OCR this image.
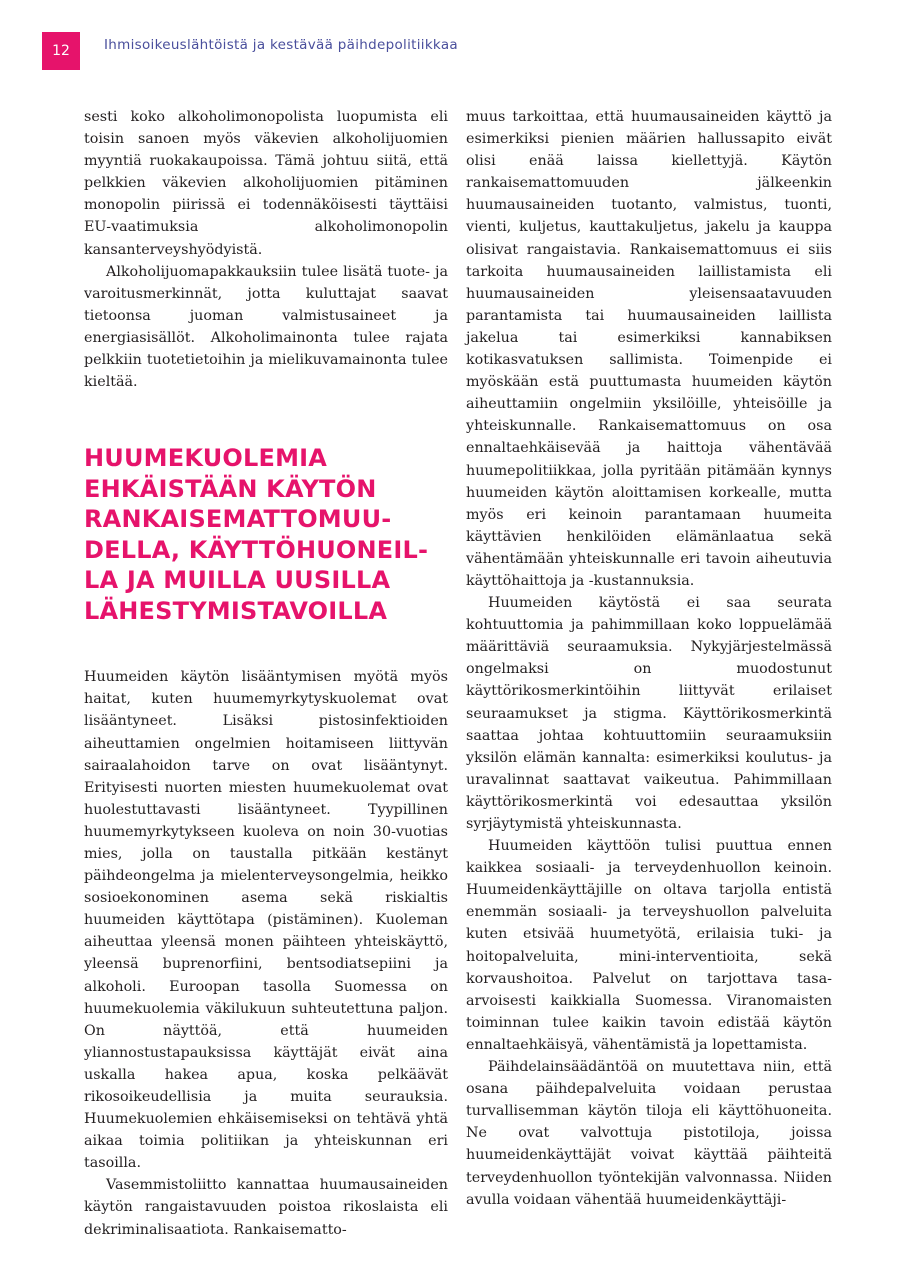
12	Ihmisoikeuslähtöistä ja kestävää päihdepolitiikkaa

sesti koko alkoholimonopolista luopumista eli toisin sanoen myös väkevien alkoholijuomien myyntiä ruokakaupoissa. Tämä johtuu siitä, että pelkkien väkevien alkoholijuomien pitäminen monopolin piirissä ei todennäköisesti täyttäisi EU-vaatimuksia alkoholimonopolin kansanterveyshyödyistä.

Alkoholijuomapakkauksiin tulee lisätä tuote- ja varoitusmerkinnät, jotta kuluttajat saavat tietoonsa juoman valmistusaineet ja energiasisällöt. Alkoholimainonta tulee rajata pelkkiin tuotetietoihin ja mielikuvamainonta tulee kieltää.

HUUMEKUOLEMIA
EHKÄISTÄÄN KÄYTÖN
RANKAISEMATTOMUU-
DELLA, KÄYTTÖHUONEIL-
LA JA MUILLA UUSILLA
LÄHESTYMISTAVOILLA

Huumeiden käytön lisääntymisen myötä myös haitat, kuten huumemyrkytyskuolemat ovat lisääntyneet. Lisäksi pistosinfektioiden aiheuttamien ongelmien hoitamiseen liittyvän sairaalahoidon tarve on ovat lisääntynyt. Erityisesti nuorten miesten huumekuolemat ovat huolestuttavasti lisääntyneet. Tyypillinen huumemyrkytykseen kuoleva on noin 30-vuotias mies, jolla on taustalla pitkään kestänyt päihdeongelma ja mielenterveysongelmia, heikko sosioekonominen asema sekä riskialtis huumeiden käyttötapa (pistäminen). Kuoleman aiheuttaa yleensä monen päihteen yhteiskäyttö, yleensä buprenorfiini, bentsodiatsepiini ja alkoholi. Euroopan tasolla Suomessa on huumekuolemia väkilukuun suhteutettuna paljon. On näyttöä, että huumeiden yliannostustapauksissa käyttäjät eivät aina uskalla hakea apua, koska pelkäävät rikosoikeudellisia ja muita seurauksia. Huumekuolemien ehkäisemiseksi on tehtävä yhtä aikaa toimia politiikan ja yhteiskunnan eri tasoilla.

Vasemmistoliitto kannattaa huumausaineiden käytön rangaistavuuden poistoa rikoslaista eli dekriminalisaatiota. Rankaisematto-

muus tarkoittaa, että huumausaineiden käyttö ja esimerkiksi pienien määrien hallussapito eivät olisi enää laissa kiellettyjä. Käytön rankaisemattomuuden jälkeenkin huumausaineiden tuotanto, valmistus, tuonti, vienti, kuljetus, kauttakuljetus, jakelu ja kauppa olisivat rangaistavia. Rankaisemattomuus ei siis tarkoita huumausaineiden laillistamista eli huumausaineiden yleisensaatavuuden parantamista tai huumausaineiden laillista jakelua tai esimerkiksi kannabiksen kotikasvatuksen sallimista. Toimenpide ei myöskään estä puuttumasta huumeiden käytön aiheuttamiin ongelmiin yksilöille, yhteisöille ja yhteiskunnalle. Rankaisemattomuus on osa ennaltaehkäisevää ja haittoja vähentävää huumepolitiikkaa, jolla pyritään pitämään kynnys huumeiden käytön aloittamisen korkealle, mutta myös eri keinoin parantamaan huumeita käyttävien henkilöiden elämänlaatua sekä vähentämään yhteiskunnalle eri tavoin aiheutuvia käyttöhaittoja ja -kustannuksia.

Huumeiden käytöstä ei saa seurata kohtuuttomia ja pahimmillaan koko loppuelämää määrittäviä seuraamuksia. Nykyjärjestelmässä ongelmaksi on muodostunut käyttörikosmerkintöihin liittyvät erilaiset seuraamukset ja stigma. Käyttörikosmerkintä saattaa johtaa kohtuuttomiin seuraamuksiin yksilön elämän kannalta: esimerkiksi koulutus- ja uravalinnat saattavat vaikeutua. Pahimmillaan käyttörikosmerkintä voi edesauttaa yksilön syrjäytymistä yhteiskunnasta.

Huumeiden käyttöön tulisi puuttua ennen kaikkea sosiaali- ja terveydenhuollon keinoin. Huumeidenkäyttäjille on oltava tarjolla entistä enemmän sosiaali- ja terveyshuollon palveluita kuten etsivää huumetyötä, erilaisia tuki- ja hoitopalveluita, mini-interventioita, sekä korvaushoitoa. Palvelut on tarjottava tasa-arvoisesti kaikkialla Suomessa. Viranomaisten toiminnan tulee kaikin tavoin edistää käytön ennaltaehkäisyä, vähentämistä ja lopettamista.

Päihdelainsäädäntöä on muutettava niin, että osana päihdepalveluita voidaan perustaa turvallisemman käytön tiloja eli käyttöhuoneita. Ne ovat valvottuja pistotiloja, joissa huumeidenkäyttäjät voivat käyttää päihteitä terveydenhuollon työntekijän valvonnassa. Niiden avulla voidaan vähentää huumeidenkäyttäji-
